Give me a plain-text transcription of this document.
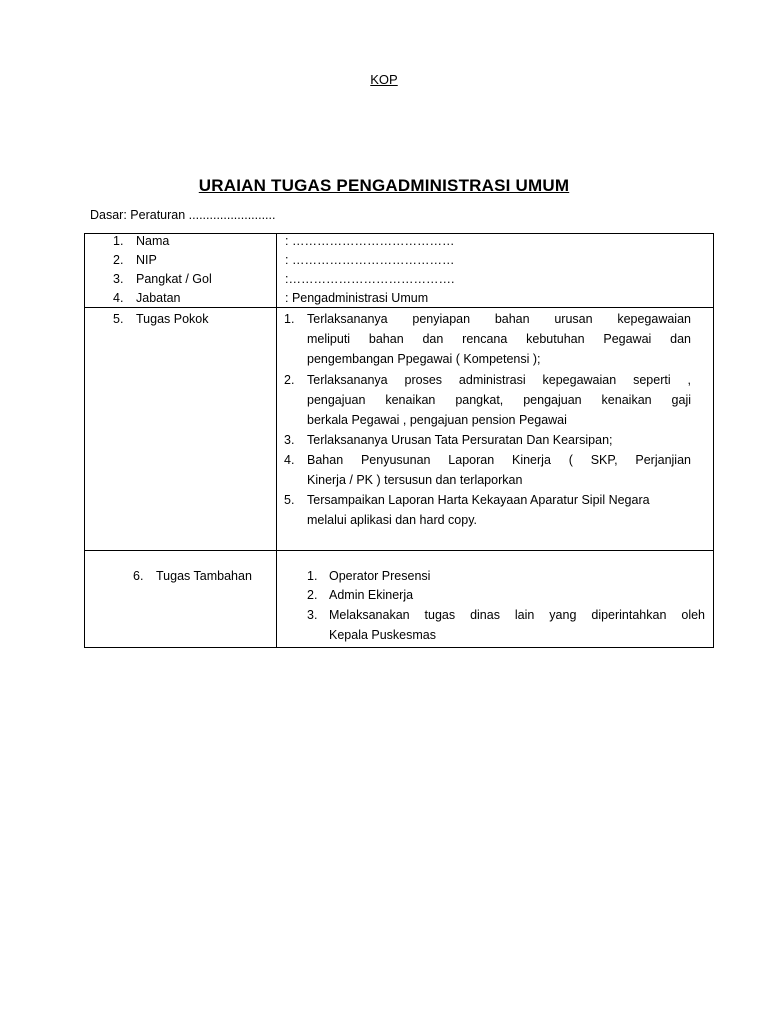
KOP
URAIAN TUGAS PENGADMINISTRASI UMUM
Dasar: Peraturan .........................
1. Nama
2. NIP
3. Pangkat / Gol
4. Jabatan
: …………………………………
: …………………………………
:………………………………….
: Pengadministrasi Umum
5. Tugas Pokok	1. Terlaksananya penyiapan bahan urusan kepegawaian
meliputi bahan dan rencana kebutuhan Pegawai dan
pengembangan Ppegawai ( Kompetensi );
2. Terlaksananya proses administrasi kepegawaian seperti ,
pengajuan kenaikan pangkat, pengajuan kenaikan gaji
berkala Pegawai , pengajuan pension Pegawai
3. Terlaksananya Urusan Tata Persuratan Dan Kearsipan;
4. Bahan Penyusunan Laporan Kinerja ( SKP, Perjanjian
Kinerja / PK ) tersusun dan terlaporkan
5. Tersampaikan Laporan Harta Kekayaan Aparatur Sipil Negara
melalui aplikasi dan hard copy.
6. Tugas Tambahan	1. Operator Presensi
2. Admin Ekinerja
3. Melaksanakan tugas dinas lain yang diperintahkan oleh
Kepala Puskesmas
